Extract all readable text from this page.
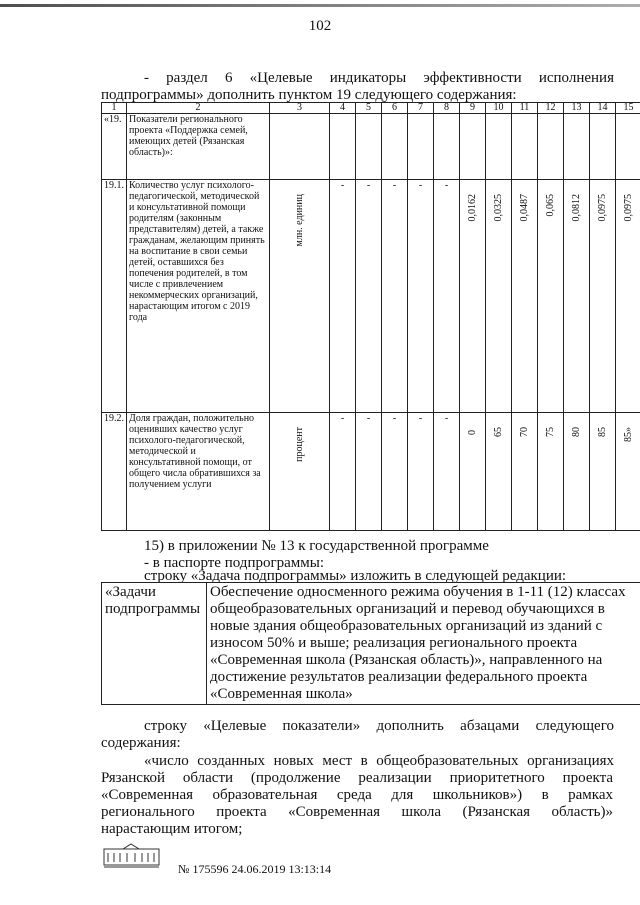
102
- раздел 6 «Целевые индикаторы эффективности исполнения
подпрограммы» дополнить пунктом 19 следующего содержания:
1	2	3	4	5	6	7	8	9	10	11	12	13	14	15
«19.	Показатели регионального проекта «Поддержка семей, имеющих детей (Рязанская область)»:													
19.1.	Количество услуг психолого-педагогической, методической и консультативной помощи родителям (законным представителям) детей, а также гражданам, желающим принять на воспитание в свои семьи детей, оставшихся без попечения родителей, в том числе с привлечением некоммерческих организаций, нарастающим итогом с 2019 года	млн. единиц	-	-	-	-	-	0,0162	0,0325	0,0487	0,065	0,0812	0,0975	0,0975
19.2.	Доля граждан, положительно оценивших качество услуг психолого-педагогической, методической и консультативной помощи, от общего числа обратившихся за получением услуги	процент	-	-	-	-	-	0	65	70	75	80	85	85»
15) в приложении № 13 к государственной программе
- в паспорте подпрограммы:
строку «Задача подпрограммы» изложить в следующей редакции:
«Задачи подпрограммы	Обеспечение односменного режима обучения в 1-11 (12) классах общеобразовательных организаций и перевод обучающихся в новые здания общеобразовательных организаций из зданий с износом 50% и выше; реализация регионального проекта «Современная школа (Рязанская область)», направленного на достижение результатов реализации федерального проекта «Современная школа»
строку «Целевые показатели» дополнить абзацами следующего
содержания:
«число созданных новых мест в общеобразовательных организациях
Рязанской области (продолжение реализации приоритетного проекта
«Современная образовательная среда для школьников») в рамках
регионального проекта «Современная школа (Рязанская область)»
нарастающим итогом;
№ 175596 24.06.2019 13:13:14
